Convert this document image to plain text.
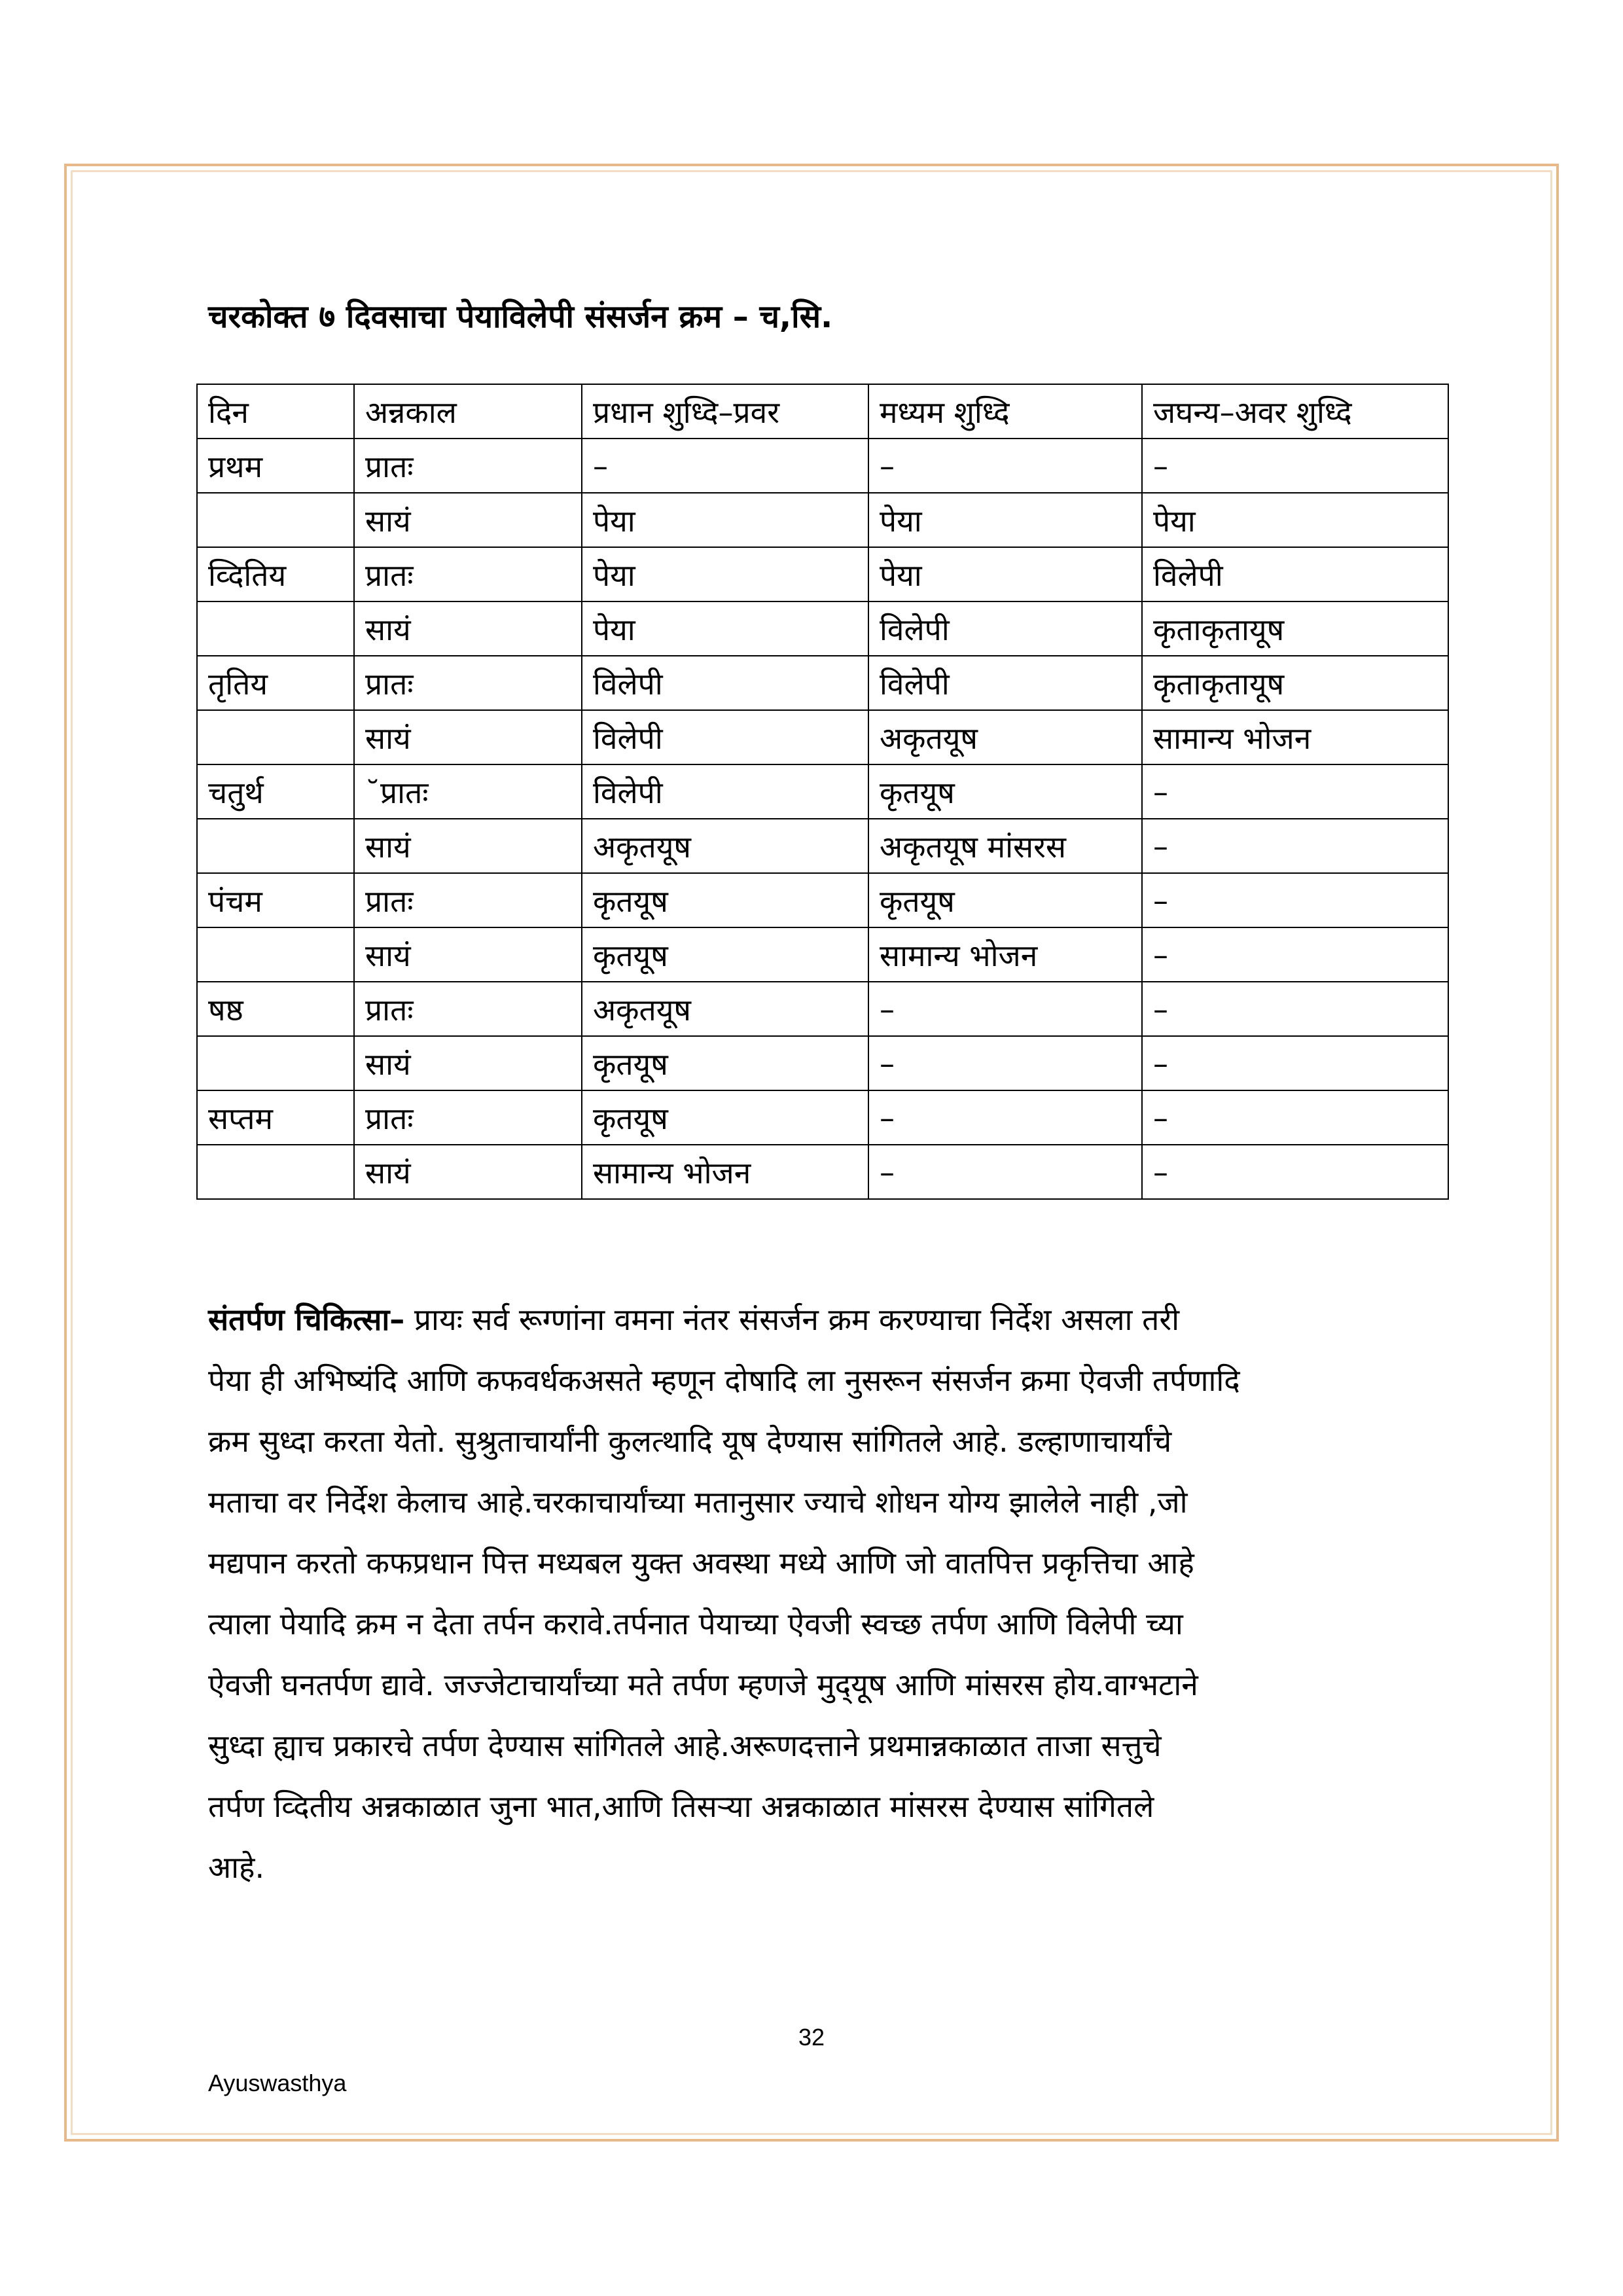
चरकोक्त ७ दिवसाचा पेयाविलेपी संसर्जन क्रम – च,सि.
दिन	अन्नकाल	प्रधान शुध्दि–प्रवर	मध्यम शुध्दि	जघन्य–अवर शुध्दि
प्रथम	प्रातः	–	–	–
	सायं	पेया	पेया	पेया
व्दितिय	प्रातः	पेया	पेया	विलेपी
	सायं	पेया	विलेपी	कृताकृतायूष
तृतिय	प्रातः	विलेपी	विलेपी	कृताकृतायूष
	सायं	विलेपी	अकृतयूष	सामान्य भोजन
चतुर्थ	˘प्रातः	विलेपी	कृतयूष	–
	सायं	अकृतयूष	अकृतयूष मांसरस	–
पंचम	प्रातः	कृतयूष	कृतयूष	–
	सायं	कृतयूष	सामान्य भोजन	–
षष्ठ	प्रातः	अकृतयूष	–	–
	सायं	कृतयूष	–	–
सप्तम	प्रातः	कृतयूष	–	–
	सायं	सामान्य भोजन	–	–
संतर्पण चिकित्सा– प्रायः सर्व रूग्णांना वमना नंतर संसर्जन क्रम करण्याचा निर्देश असला तरी
पेया ही अभिष्यंदि आणि कफवर्धकअसते म्हणून दोषादि ला नुसरून संसर्जन क्रमा ऐवजी तर्पणादि
क्रम सुध्दा करता येतो. सुश्रुताचार्यांनी कुलत्थादि यूष देण्यास सांगितले आहे. डल्हाणाचार्यांचे
मताचा वर निर्देश केलाच आहे.चरकाचार्यांच्या मतानुसार ज्याचे शोधन योग्य झालेले नाही ,जो
मद्यपान करतो कफप्रधान पित्त मध्यबल युक्त अवस्था मध्ये आणि जो वातपित्त प्रकृत्तिचा आहे
त्याला पेयादि क्रम न देता तर्पन करावे.तर्पनात पेयाच्या ऐवजी स्वच्छ तर्पण आणि विलेपी च्या
ऐवजी घनतर्पण द्यावे. जज्जेटाचार्यांच्या मते तर्पण म्हणजे मुद्‌यूष आणि मांसरस होय.वाग्भटाने
सुध्दा ह्याच प्रकारचे तर्पण देण्यास सांगितले आहे.अरूणदत्ताने प्रथमान्नकाळात ताजा सत्तुचे
तर्पण व्दितीय अन्नकाळात जुना भात,आणि तिसऱ्या अन्नकाळात मांसरस देण्यास सांगितले
आहे.
32
Ayuswasthya
